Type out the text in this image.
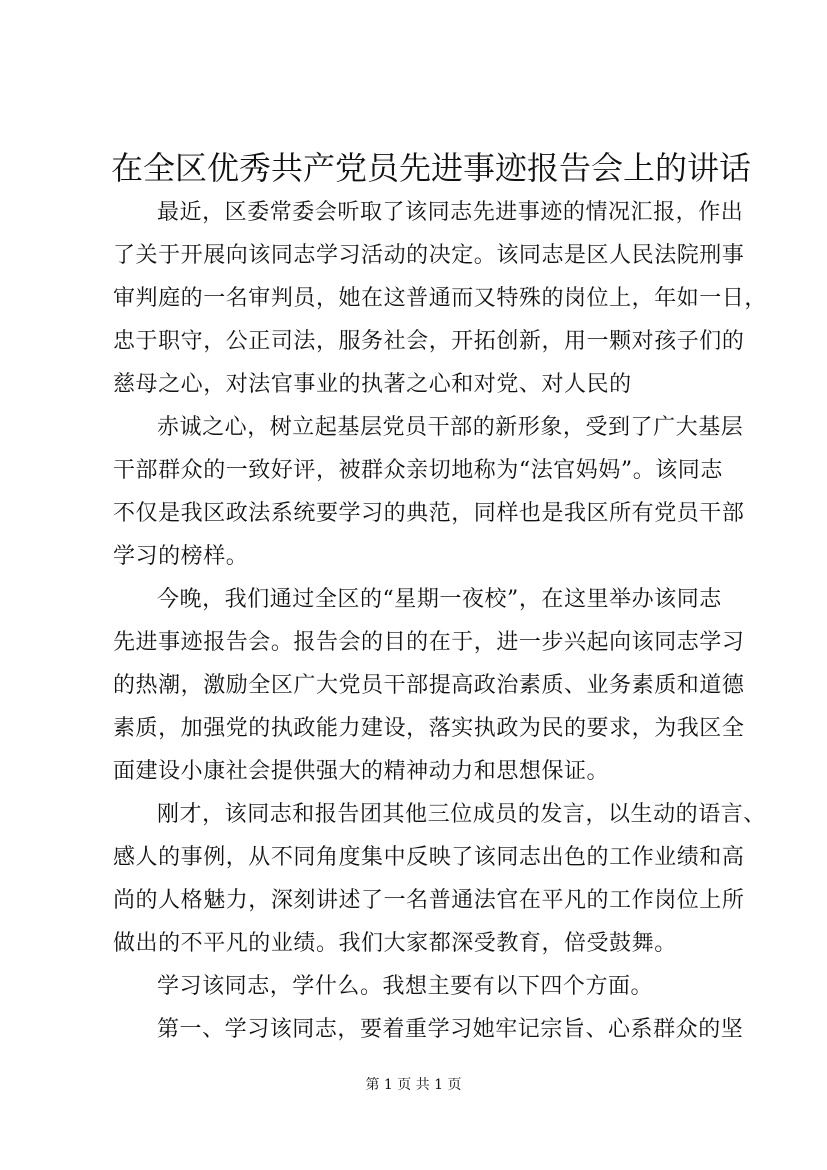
在全区优秀共产党员先进事迹报告会上的讲话
最近，区委常委会听取了该同志先进事迹的情况汇报，作出
了关于开展向该同志学习活动的决定。该同志是区人民法院刑事
审判庭的一名审判员，她在这普通而又特殊的岗位上，年如一日，
忠于职守，公正司法，服务社会，开拓创新，用一颗对孩子们的
慈母之心，对法官事业的执著之心和对党、对人民的
赤诚之心，树立起基层党员干部的新形象，受到了广大基层
干部群众的一致好评，被群众亲切地称为“法官妈妈”。该同志
不仅是我区政法系统要学习的典范，同样也是我区所有党员干部
学习的榜样。
今晚，我们通过全区的“星期一夜校”，在这里举办该同志
先进事迹报告会。报告会的目的在于，进一步兴起向该同志学习
的热潮，激励全区广大党员干部提高政治素质、业务素质和道德
素质，加强党的执政能力建设，落实执政为民的要求，为我区全
面建设小康社会提供强大的精神动力和思想保证。
刚才，该同志和报告团其他三位成员的发言，以生动的语言、
感人的事例，从不同角度集中反映了该同志出色的工作业绩和高
尚的人格魅力，深刻讲述了一名普通法官在平凡的工作岗位上所
做出的不平凡的业绩。我们大家都深受教育，倍受鼓舞。
学习该同志，学什么。我想主要有以下四个方面。
第一、学习该同志，要着重学习她牢记宗旨、心系群众的坚
第 1 页 共 1 页
